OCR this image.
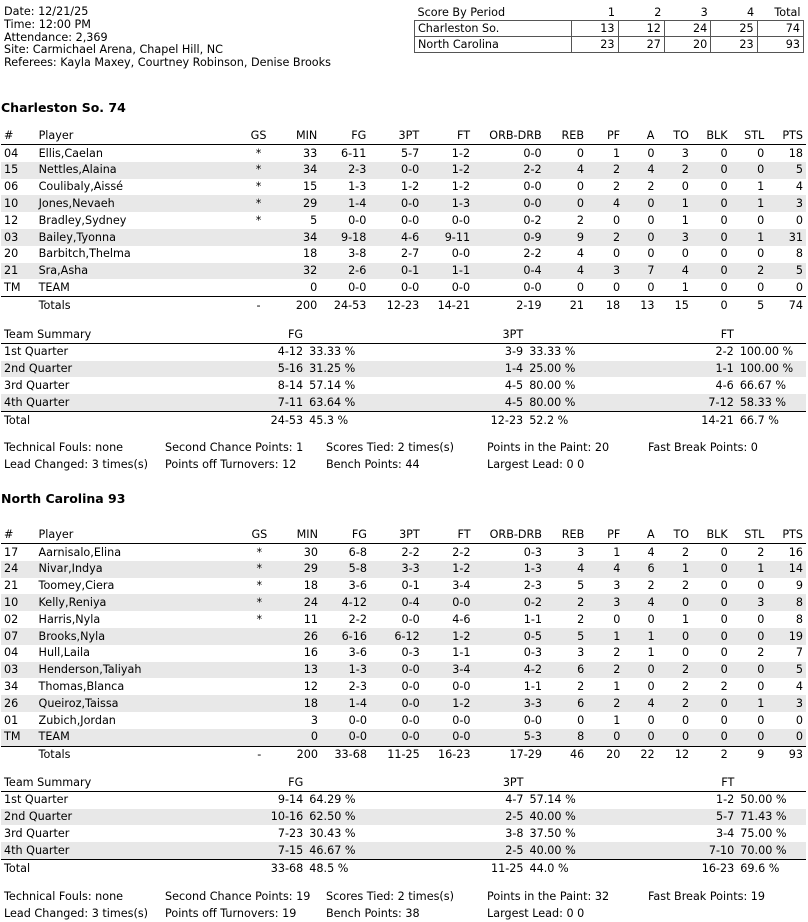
Date: 12/21/25
Time: 12:00 PM
Attendance: 2,369
Site: Carmichael Arena, Chapel Hill, NC
Referees: Kayla Maxey, Courtney Robinson, Denise Brooks
Score By Period	1	2	3	4	Total
Charleston So.	13	12	24	25	74
North Carolina	23	27	20	23	93
Charleston So. 74
#	Player	GS	MIN	FG	3PT	FT	ORB-DRB	REB	PF	A	TO	BLK	STL	PTS
04	Ellis,Caelan	*	33	6-11	5-7	1-2	0-0	0	1	0	3	0	0	18
15	Nettles,Alaina	*	34	2-3	0-0	1-2	2-2	4	2	4	2	0	0	5
06	Coulibaly,Aissé	*	15	1-3	1-2	1-2	0-0	0	2	2	0	0	1	4
10	Jones,Nevaeh	*	29	1-4	0-0	1-3	0-0	0	4	0	1	0	1	3
12	Bradley,Sydney	*	5	0-0	0-0	0-0	0-2	2	0	0	1	0	0	0
03	Bailey,Tyonna		34	9-18	4-6	9-11	0-9	9	2	0	3	0	1	31
20	Barbitch,Thelma		18	3-8	2-7	0-0	2-2	4	0	0	0	0	0	8
21	Sra,Asha		32	2-6	0-1	1-1	0-4	4	3	7	4	0	2	5
TM	TEAM		0	0-0	0-0	0-0	0-0	0	0	0	1	0	0	0
	Totals	-	200	24-53	12-23	14-21	2-19	21	18	13	15	0	5	74
Team Summary	FG		3PT		FT	
1st Quarter	4-12	33.33 %	3-9	33.33 %	2-2	100.00 %
2nd Quarter	5-16	31.25 %	1-4	25.00 %	1-1	100.00 %
3rd Quarter	8-14	57.14 %	4-5	80.00 %	4-6	66.67 %
4th Quarter	7-11	63.64 %	4-5	80.00 %	7-12	58.33 %
Total	24-53	45.3 %	12-23	52.2 %	14-21	66.7 %
Technical Fouls: none	Second Chance Points: 1 Scores Tied: 2 times(s)	Points in the Paint: 20	Fast Break Points: 0
Lead Changed: 3 times(s) Points off Turnovers: 12	Bench Points: 44	Largest Lead: 0 0
North Carolina 93
#	Player	GS	MIN	FG	3PT	FT	ORB-DRB	REB	PF	A	TO	BLK	STL	PTS
17	Aarnisalo,Elina	*	30	6-8	2-2	2-2	0-3	3	1	4	2	0	2	16
24	Nivar,Indya	*	29	5-8	3-3	1-2	1-3	4	4	6	1	0	1	14
21	Toomey,Ciera	*	18	3-6	0-1	3-4	2-3	5	3	2	2	0	0	9
10	Kelly,Reniya	*	24	4-12	0-4	0-0	0-2	2	3	4	0	0	3	8
02	Harris,Nyla	*	11	2-2	0-0	4-6	1-1	2	0	0	1	0	0	8
07	Brooks,Nyla		26	6-16	6-12	1-2	0-5	5	1	1	0	0	0	19
04	Hull,Laila		16	3-6	0-3	1-1	0-3	3	2	1	0	0	2	7
03	Henderson,Taliyah		13	1-3	0-0	3-4	4-2	6	2	0	2	0	0	5
34	Thomas,Blanca		12	2-3	0-0	0-0	1-1	2	1	0	2	2	0	4
26	Queiroz,Taissa		18	1-4	0-0	1-2	3-3	6	2	4	2	0	1	3
01	Zubich,Jordan		3	0-0	0-0	0-0	0-0	0	1	0	0	0	0	0
TM	TEAM		0	0-0	0-0	0-0	5-3	8	0	0	0	0	0	0
	Totals	-	200	33-68	11-25	16-23	17-29	46	20	22	12	2	9	93
Team Summary	FG		3PT		FT	
1st Quarter	9-14	64.29 %	4-7	57.14 %	1-2	50.00 %
2nd Quarter	10-16	62.50 %	2-5	40.00 %	5-7	71.43 %
3rd Quarter	7-23	30.43 %	3-8	37.50 %	3-4	75.00 %
4th Quarter	7-15	46.67 %	2-5	40.00 %	7-10	70.00 %
Total	33-68	48.5 %	11-25	44.0 %	16-23	69.6 %
Technical Fouls: none	Second Chance Points: 19 Scores Tied: 2 times(s)	Points in the Paint: 32	Fast Break Points: 19
Lead Changed: 3 times(s) Points off Turnovers: 19	Bench Points: 38	Largest Lead: 0 0
